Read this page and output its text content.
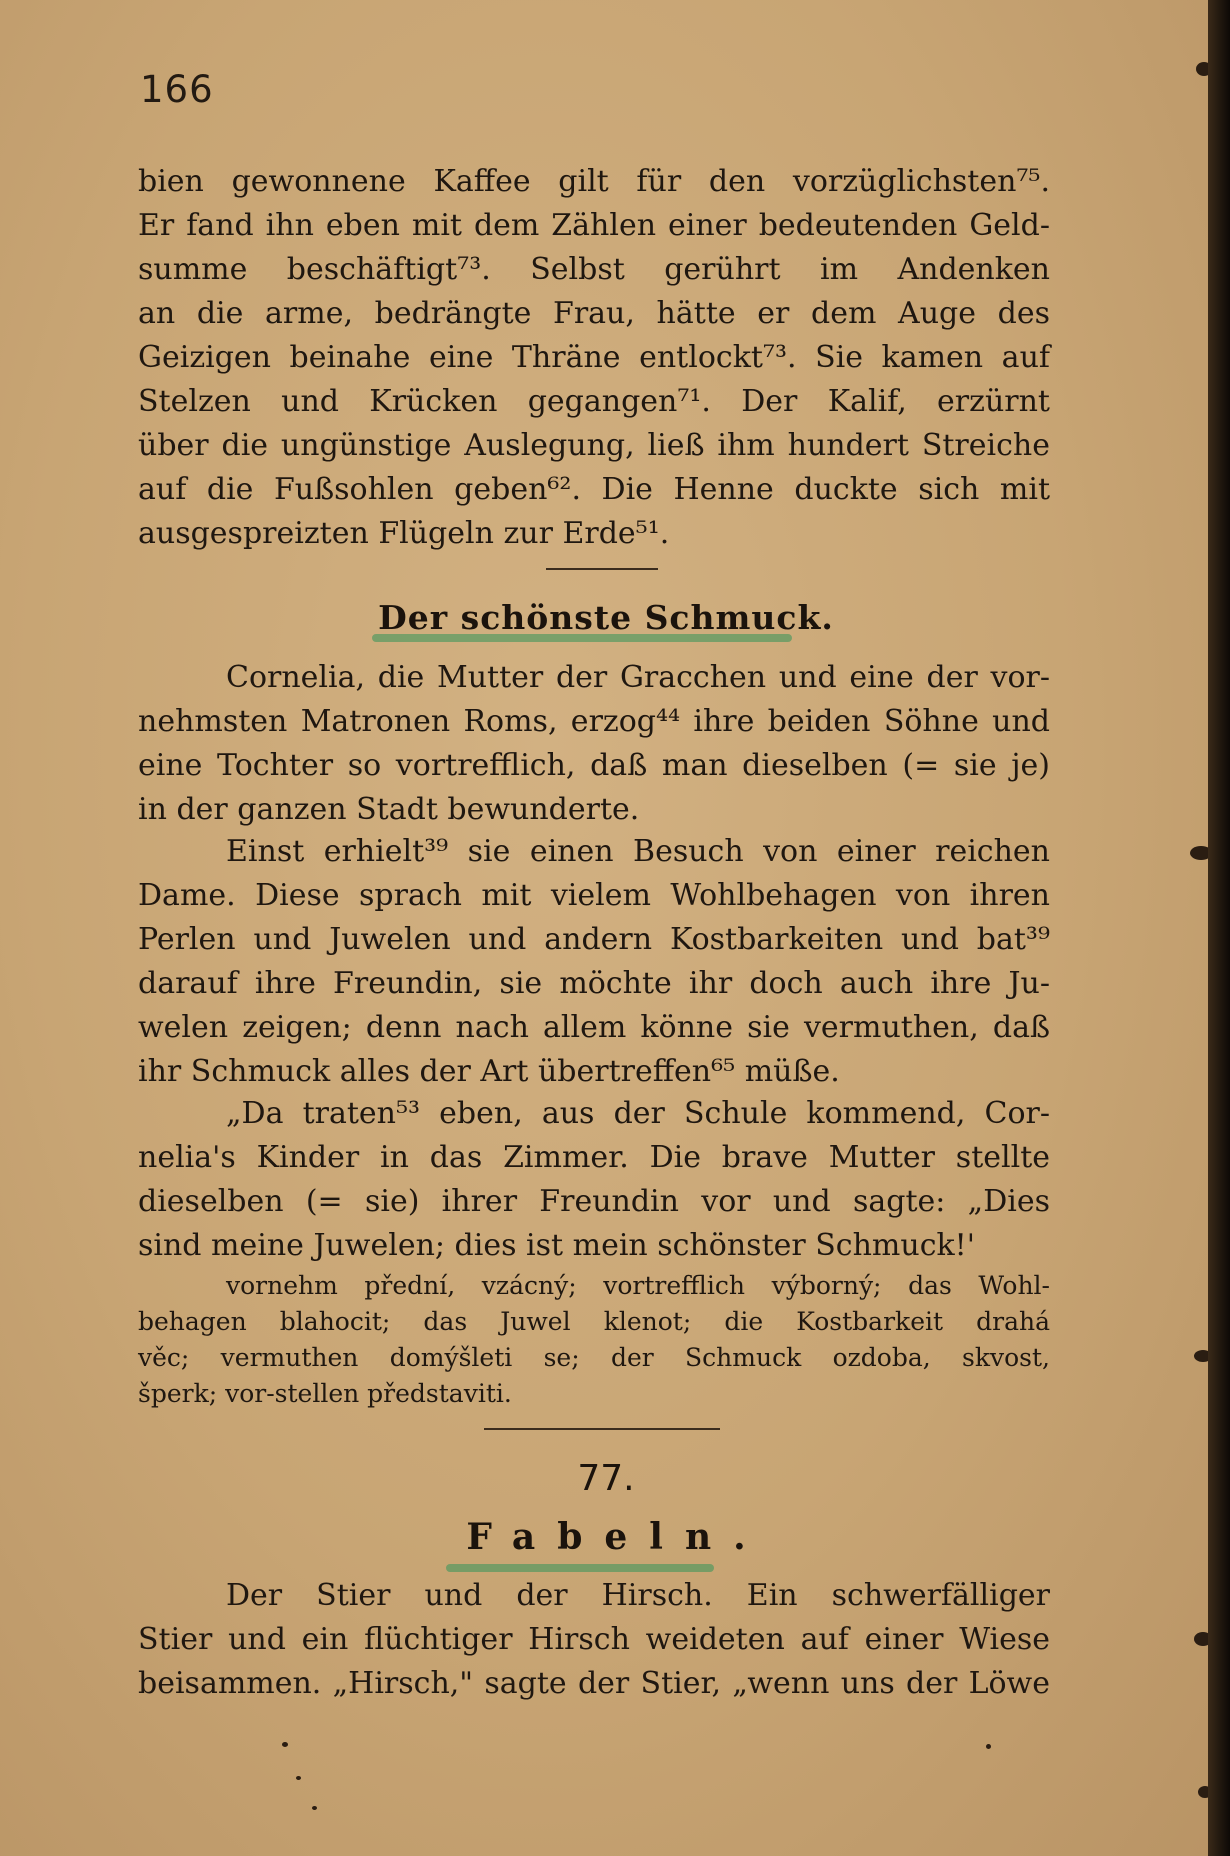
166
bien gewonnene Kaffee gilt für den vorzüglichsten⁷⁵.
Er fand ihn eben mit dem Zählen einer bedeutenden Geld-
summe beschäftigt⁷³. Selbst gerührt im Andenken
an die arme, bedrängte Frau, hätte er dem Auge des
Geizigen beinahe eine Thräne entlockt⁷³. Sie kamen auf
Stelzen und Krücken gegangen⁷¹. Der Kalif, erzürnt
über die ungünstige Auslegung, ließ ihm hundert Streiche
auf die Fußsohlen geben⁶². Die Henne duckte sich mit
ausgespreizten Flügeln zur Erde⁵¹.
Der schönste Schmuck.
Cornelia, die Mutter der Gracchen und eine der vor-
nehmsten Matronen Roms, erzog⁴⁴ ihre beiden Söhne und
eine Tochter so vortrefflich, daß man dieselben (= sie je)
in der ganzen Stadt bewunderte.
Einst erhielt³⁹ sie einen Besuch von einer reichen
Dame. Diese sprach mit vielem Wohlbehagen von ihren
Perlen und Juwelen und andern Kostbarkeiten und bat³⁹
darauf ihre Freundin, sie möchte ihr doch auch ihre Ju-
welen zeigen; denn nach allem könne sie vermuthen, daß
ihr Schmuck alles der Art übertreffen⁶⁵ müße.
„Da traten⁵³ eben, aus der Schule kommend, Cor-
nelia's Kinder in das Zimmer. Die brave Mutter stellte
dieselben (= sie) ihrer Freundin vor und sagte: „Dies
sind meine Juwelen; dies ist mein schönster Schmuck!'
vornehm přední, vzácný; vortrefflich výborný; das Wohl-
behagen blahocit; das Juwel klenot; die Kostbarkeit drahá
věc; vermuthen domýšleti se; der Schmuck ozdoba, skvost,
šperk; vor-stellen představiti.
77.
Fabeln.
Der Stier und der Hirsch. Ein schwerfälliger
Stier und ein flüchtiger Hirsch weideten auf einer Wiese
beisammen. „Hirsch," sagte der Stier, „wenn uns der Löwe
